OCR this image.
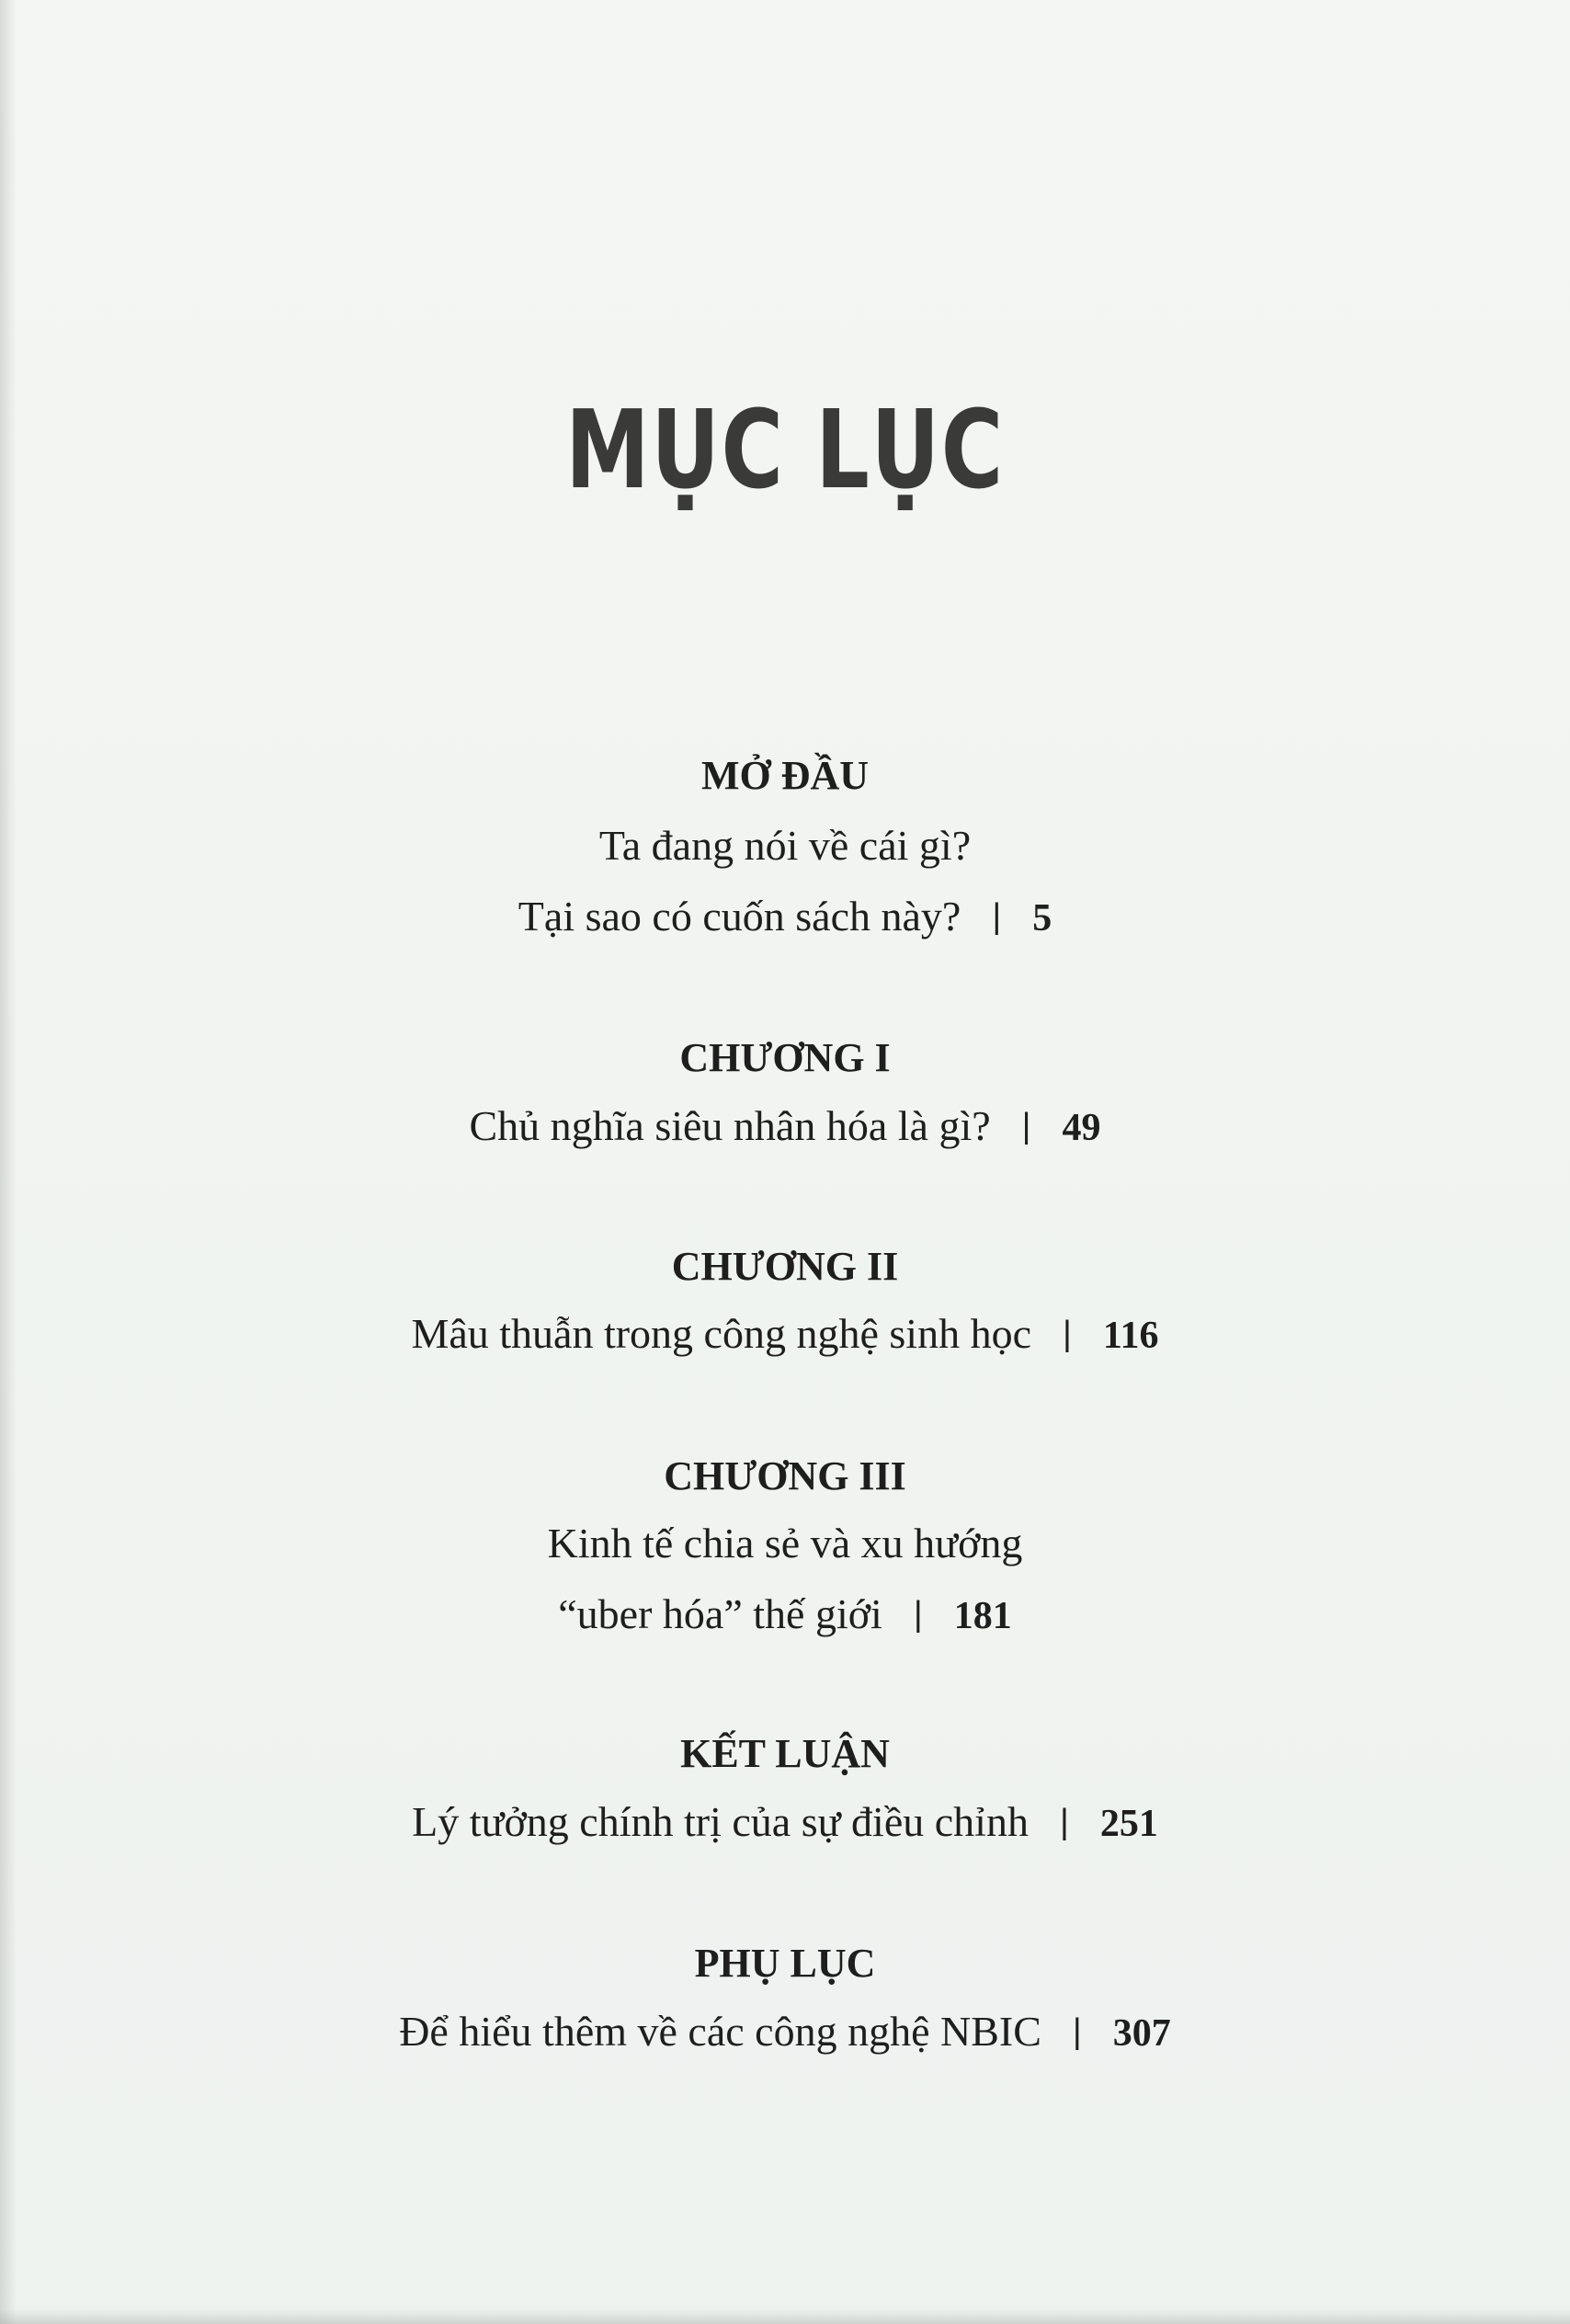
MỤC LỤC
MỞ ĐẦU
Ta đang nói về cái gì?
Tại sao có cuốn sách này? | 5
CHƯƠNG I
Chủ nghĩa siêu nhân hóa là gì? | 49
CHƯƠNG II
Mâu thuẫn trong công nghệ sinh học | 116
CHƯƠNG III
Kinh tế chia sẻ và xu hướng
“uber hóa” thế giới | 181
KẾT LUẬN
Lý tưởng chính trị của sự điều chỉnh | 251
PHỤ LỤC
Để hiểu thêm về các công nghệ NBIC | 307
